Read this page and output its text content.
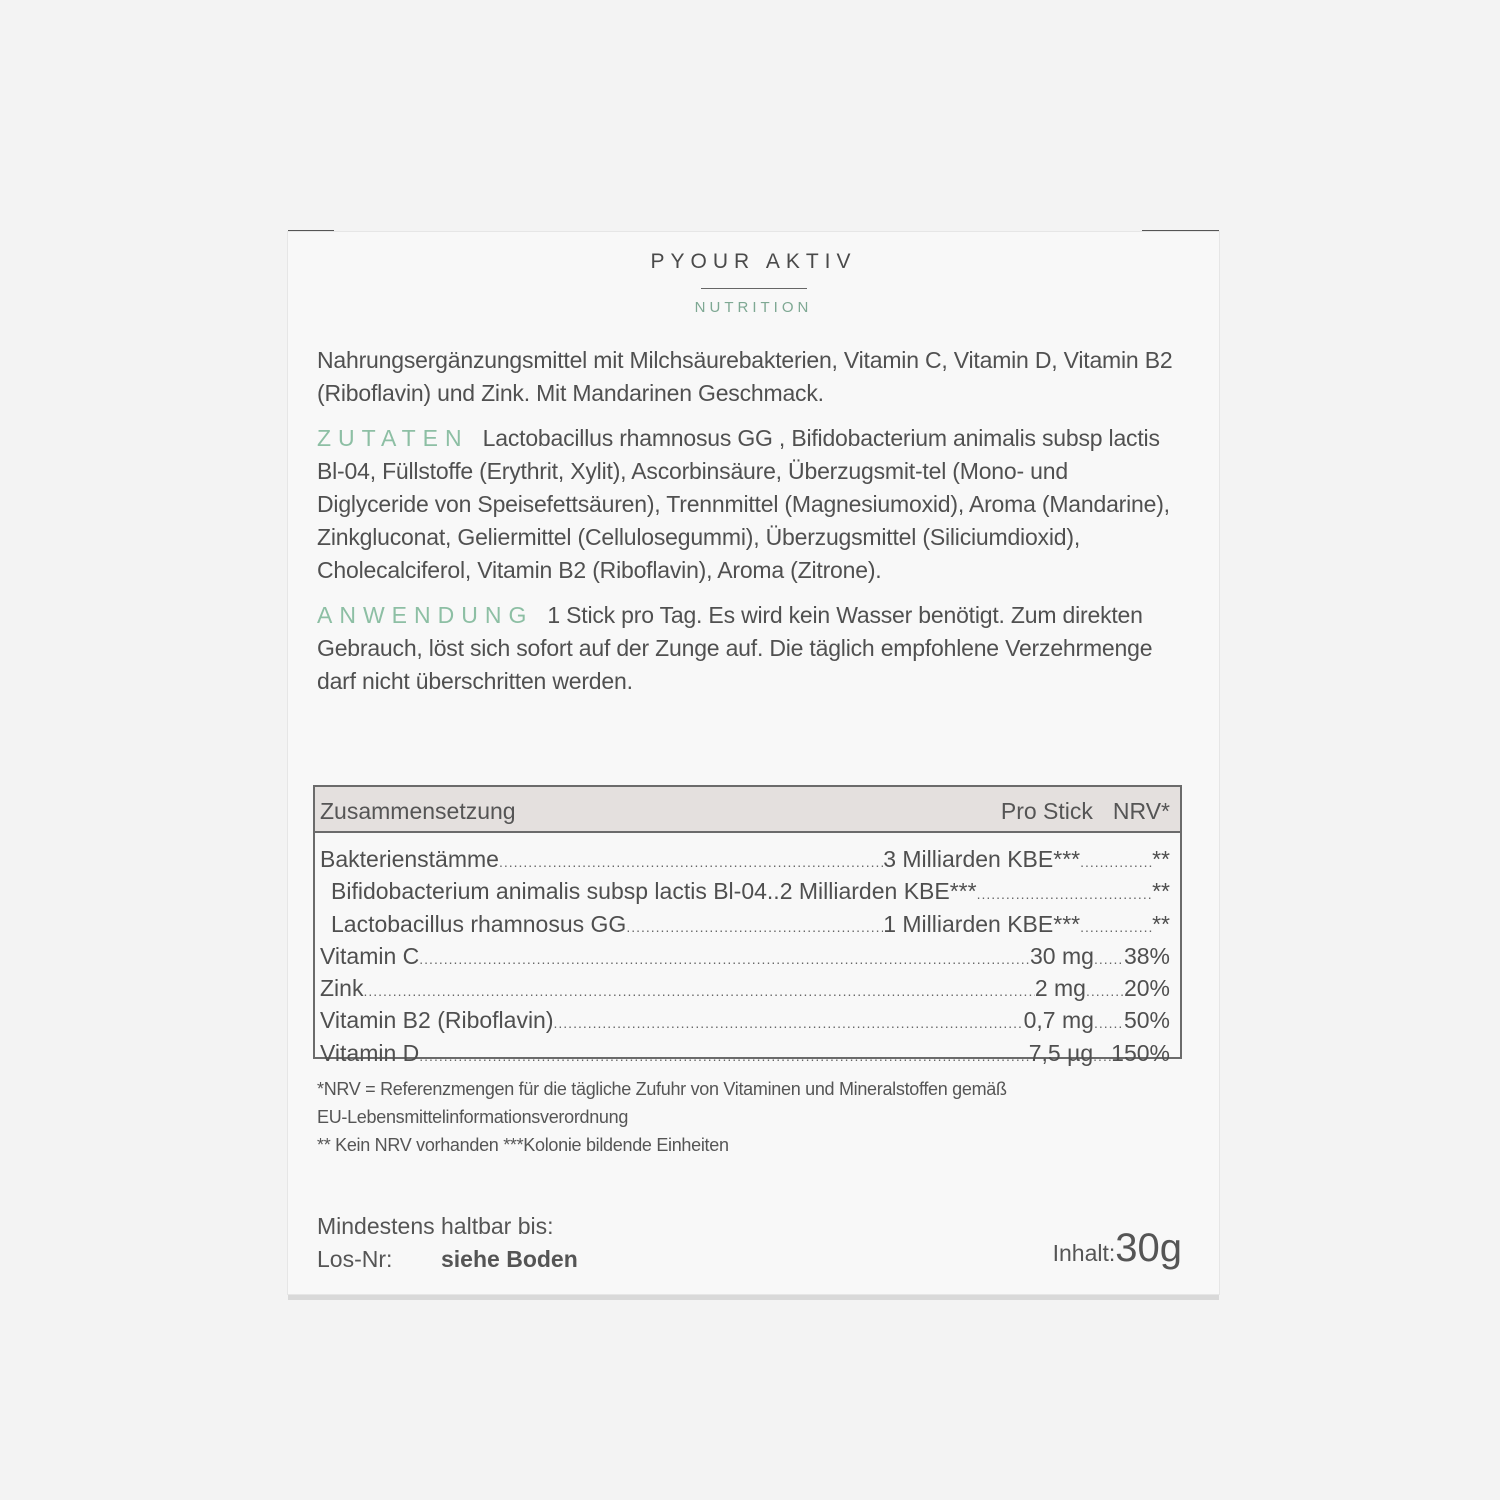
PYOUR AKTIV
NUTRITION

Nahrungsergänzungsmittel mit Milchsäurebakterien, Vitamin C, Vitamin D, Vitamin B2 (Riboflavin) und Zink. Mit Mandarinen Geschmack.

ZUTATEN Lactobacillus rhamnosus GG , Bifidobacterium animalis subsp lactis Bl-04, Füllstoffe (Erythrit, Xylit), Ascorbinsäure, Überzugsmit-tel (Mono- und Diglyceride von Speisefettsäuren), Trennmittel (Magnesiumoxid), Aroma (Mandarine), Zinkgluconat, Geliermittel (Cellulosegummi), Überzugsmittel (Siliciumdioxid), Cholecalciferol, Vitamin B2 (Riboflavin), Aroma (Zitrone).

ANWENDUNG 1 Stick pro Tag. Es wird kein Wasser benötigt. Zum direkten Gebrauch, löst sich sofort auf der Zunge auf. Die täglich empfohlene Verzehrmenge darf nicht überschritten werden.

Zusammensetzung	Pro Stick NRV*
Bakterienstämme .....	3 Milliarden KBE*** .....	**
Bifidobacterium animalis subsp lactis Bl-04.. 2 Milliarden KBE*** .....	**
Lactobacillus rhamnosus GG .....	1 Milliarden KBE*** .....	**
Vitamin C .....	30 mg ..... 38%
Zink .....	2 mg ..... 20%
Vitamin B2 (Riboflavin) .....	0,7 mg ..... 50%
Vitamin D .....	7,5 µg ..... 150%
*NRV = Referenzmengen für die tägliche Zufuhr von Vitaminen und Mineralstoffen gemäß
EU-Lebensmittelinformationsverordnung
** Kein NRV vorhanden ***Kolonie bildende Einheiten
Mindestens haltbar bis:
Los-Nr: siehe Boden	Inhalt:30g
